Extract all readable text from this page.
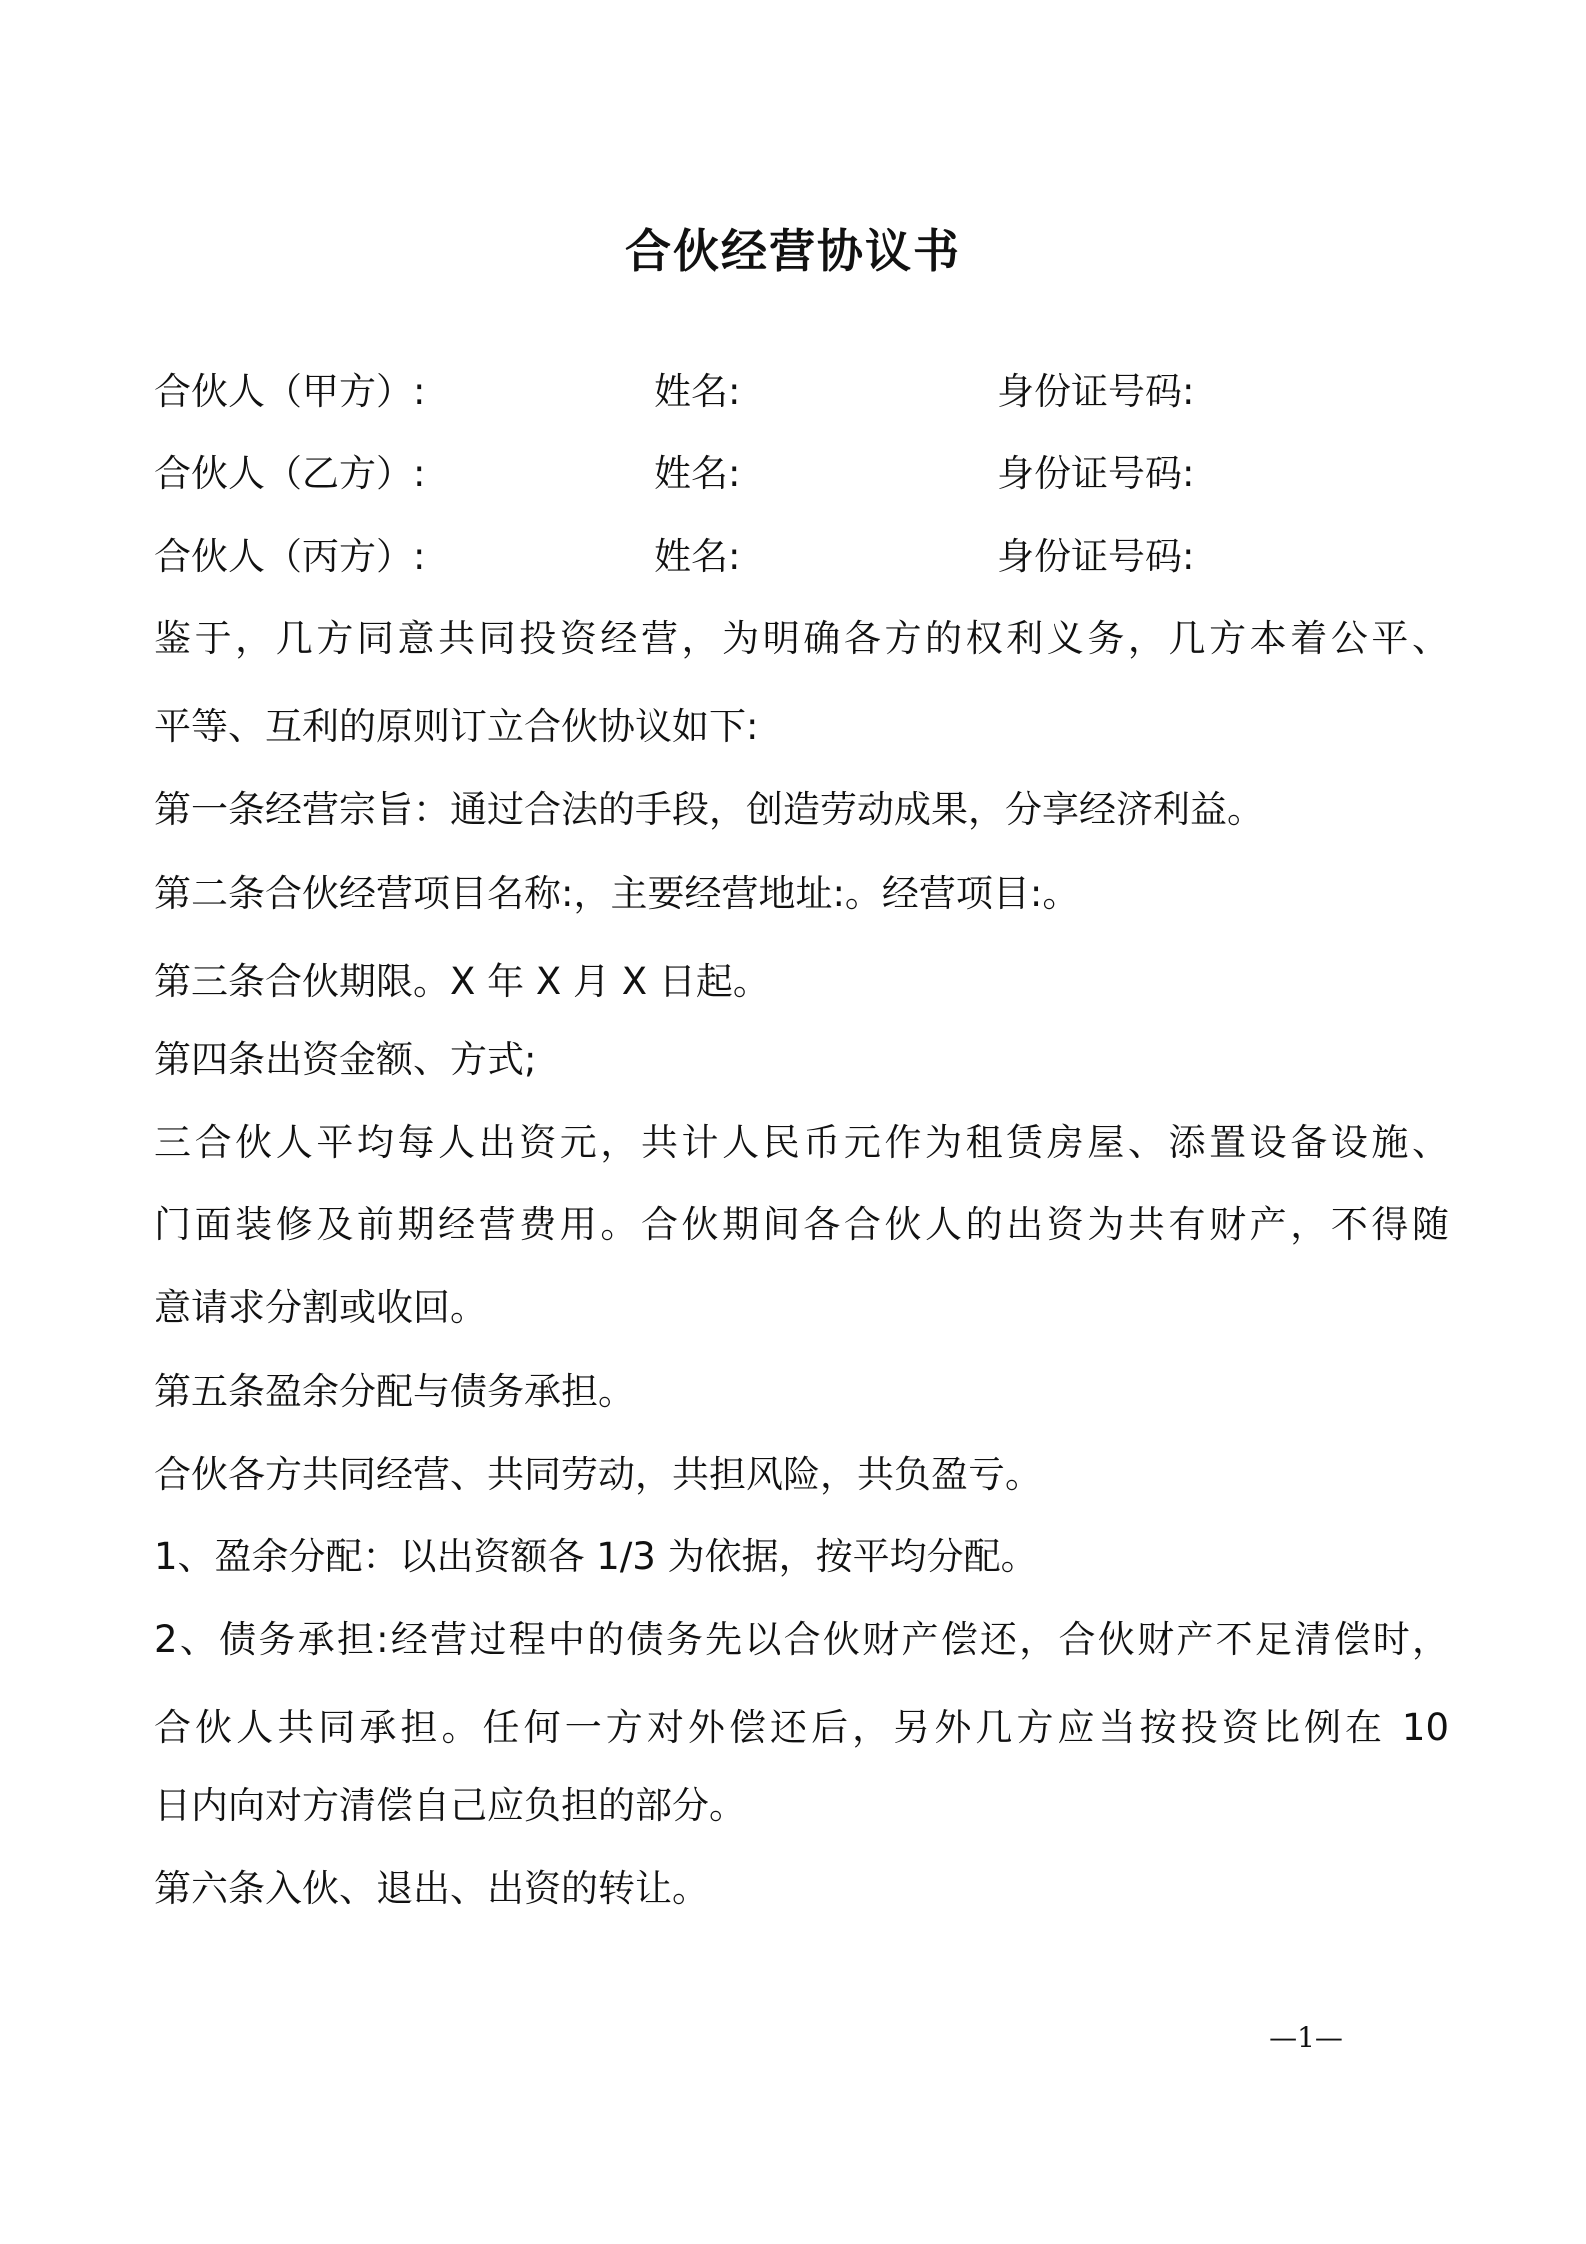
合伙经营协议书
合伙人（甲方）:	姓名:	身份证号码:
合伙人（乙方）:	姓名:	身份证号码:
合伙人（丙方）:	姓名:	身份证号码:
鉴于，几方同意共同投资经营，为明确各方的权利义务，几方本着公平、
平等、互利的原则订立合伙协议如下:
第一条经营宗旨：通过合法的手段，创造劳动成果，分享经济利益。
第二条合伙经营项目名称:，主要经营地址:。经营项目:。
第三条合伙期限。X 年 X 月 X 日起。
第四条出资金额、方式;
三合伙人平均每人出资元，共计人民币元作为租赁房屋、添置设备设施、
门面装修及前期经营费用。合伙期间各合伙人的出资为共有财产，不得随
意请求分割或收回。
第五条盈余分配与债务承担。
合伙各方共同经营、共同劳动，共担风险，共负盈亏。
1、盈余分配：以出资额各 1/3 为依据，按平均分配。
2、债务承担:经营过程中的债务先以合伙财产偿还，合伙财产不足清偿时，
合伙人共同承担。任何一方对外偿还后，另外几方应当按投资比例在 10
日内向对方清偿自己应负担的部分。
第六条入伙、退出、出资的转让。
—1—
